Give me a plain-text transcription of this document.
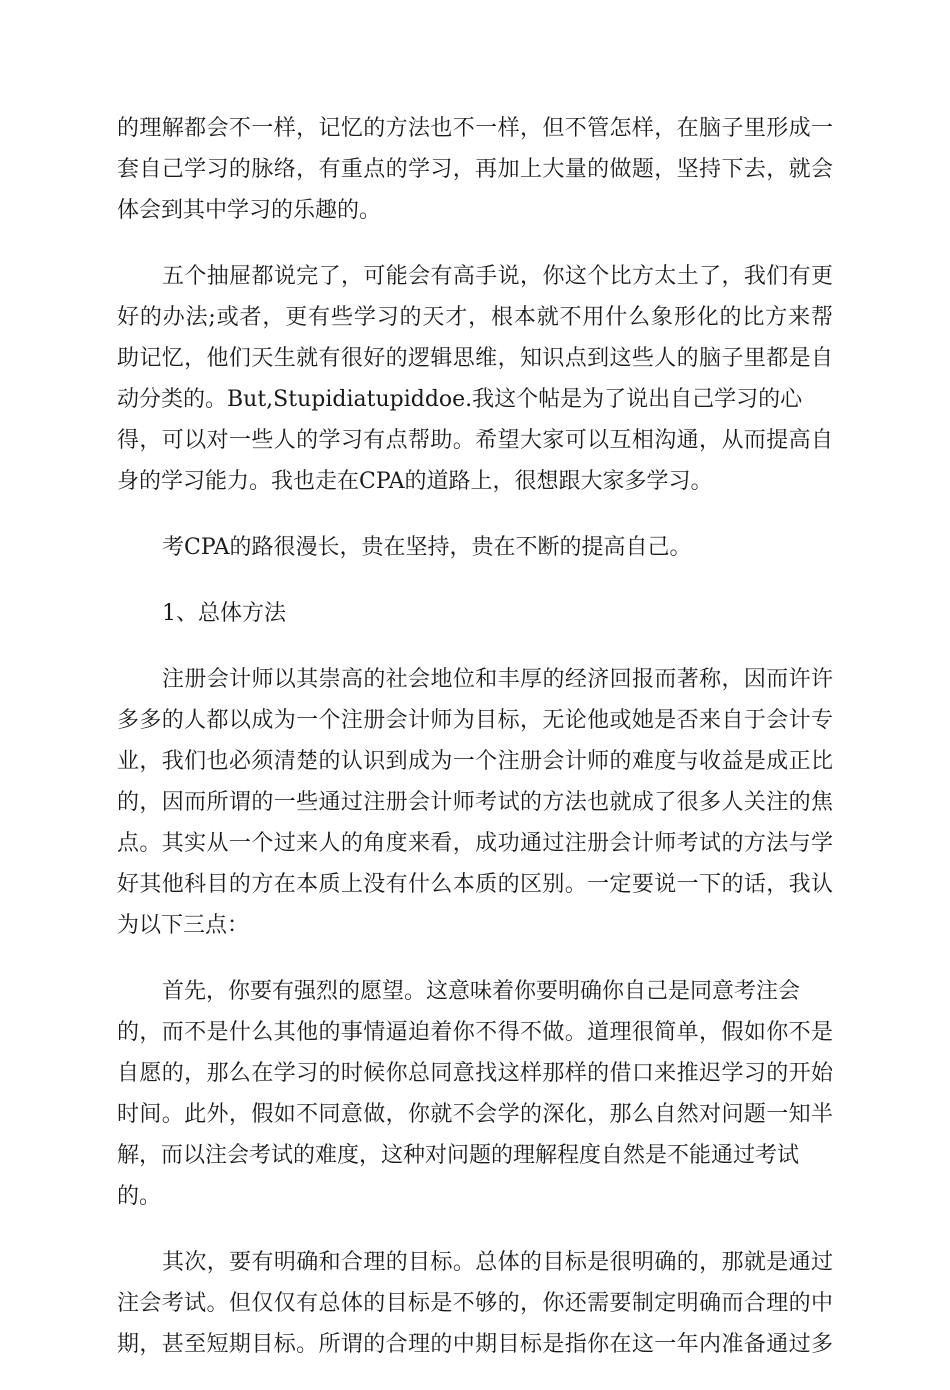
的理解都会不一样，记忆的方法也不一样，但不管怎样，在脑子里形成一
套自己学习的脉络，有重点的学习，再加上大量的做题，坚持下去，就会
体会到其中学习的乐趣的。
五个抽屉都说完了，可能会有高手说，你这个比方太土了，我们有更
好的办法;或者，更有些学习的天才，根本就不用什么象形化的比方来帮
助记忆，他们天生就有很好的逻辑思维，知识点到这些人的脑子里都是自
动分类的。But,Stupidiatupiddoe.我这个帖是为了说出自己学习的心
得，可以对一些人的学习有点帮助。希望大家可以互相沟通，从而提高自
身的学习能力。我也走在CPA的道路上，很想跟大家多学习。
考CPA的路很漫长，贵在坚持，贵在不断的提高自己。
1、总体方法
注册会计师以其崇高的社会地位和丰厚的经济回报而著称，因而许许
多多的人都以成为一个注册会计师为目标，无论他或她是否来自于会计专
业，我们也必须清楚的认识到成为一个注册会计师的难度与收益是成正比
的，因而所谓的一些通过注册会计师考试的方法也就成了很多人关注的焦
点。其实从一个过来人的角度来看，成功通过注册会计师考试的方法与学
好其他科目的方在本质上没有什么本质的区别。一定要说一下的话，我认
为以下三点：
首先，你要有强烈的愿望。这意味着你要明确你自己是同意考注会
的，而不是什么其他的事情逼迫着你不得不做。道理很简单，假如你不是
自愿的，那么在学习的时候你总同意找这样那样的借口来推迟学习的开始
时间。此外，假如不同意做，你就不会学的深化，那么自然对问题一知半
解，而以注会考试的难度，这种对问题的理解程度自然是不能通过考试
的。
其次，要有明确和合理的目标。总体的目标是很明确的，那就是通过
注会考试。但仅仅有总体的目标是不够的，你还需要制定明确而合理的中
期，甚至短期目标。所谓的合理的中期目标是指你在这一年内准备通过多
